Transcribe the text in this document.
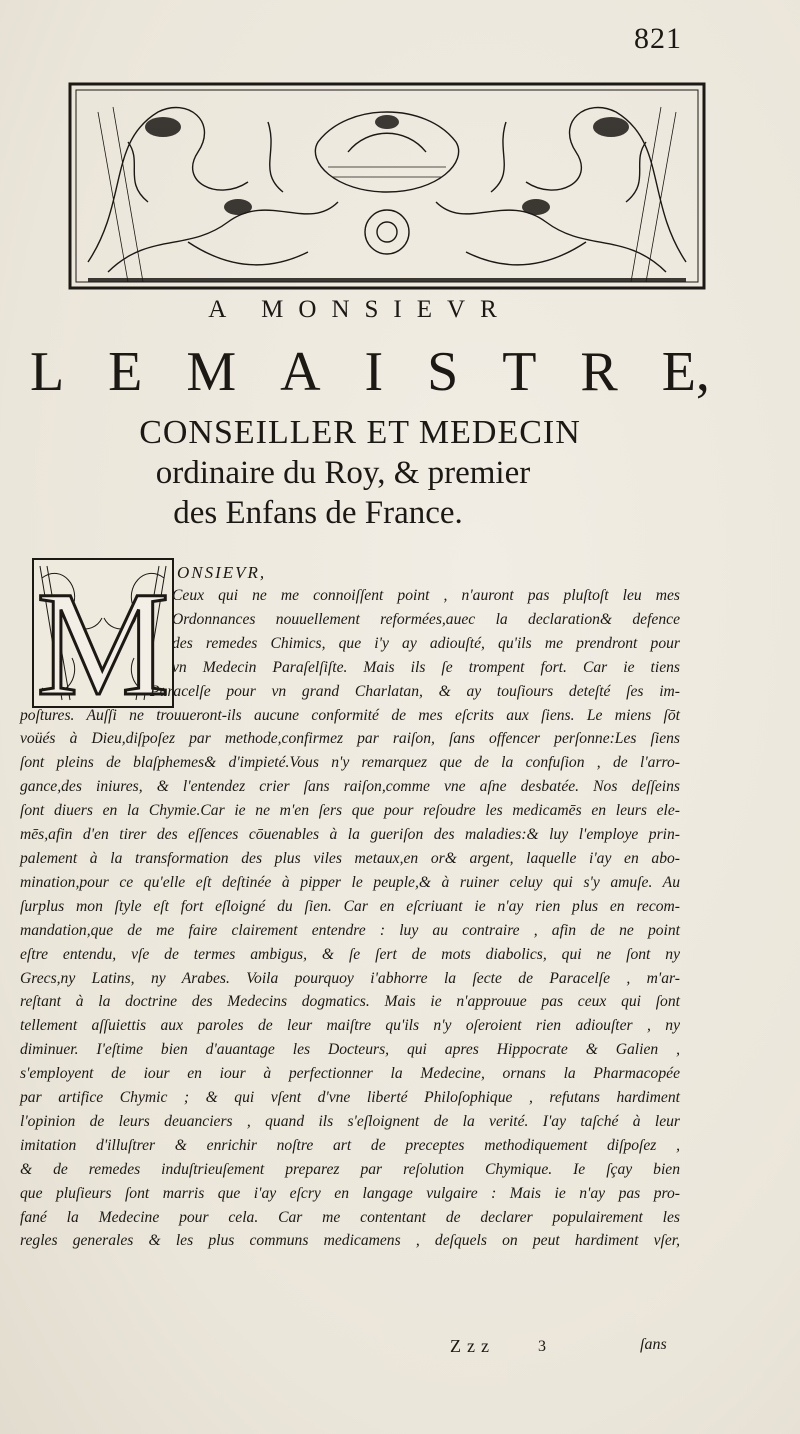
821
A MONSIEVR
L E M A I S T R E,
CONSEILLER ET MEDECIN
ordinaire du Roy, & premier
des Enfans de France.
M ONSIEVR,
Ceux qui ne me connoiſſent point , n'auront pas pluſtoſt leu mes
Ordonnances nouuellement reformées,auec la declaration& defence
des remedes Chimics, que i'y ay adiouſté, qu'ils me prendront pour
vn Medecin Paraſelſiſte. Mais ils ſe trompent fort. Car ie tiens
Paracelſe pour vn grand Charlatan, & ay touſiours deteſté ſes im-
poſtures. Auſſi ne trouueront-ils aucune conformité de mes eſcrits aux ſiens. Le miens ſōt
voüés à Dieu,diſpoſez par methode,confirmez par raiſon, ſans offencer perſonne:Les ſiens
ſont pleins de blaſphemes& d'impieté.Vous n'y remarquez que de la confuſion , de l'arro-
gance,des iniures, & l'entendez crier ſans raiſon,comme vne aſne desbatée. Nos deſſeins
ſont diuers en la Chymie.Car ie ne m'en ſers que pour reſoudre les medicamēs en leurs ele-
mēs,afin d'en tirer des eſſences cōuenables à la gueriſon des maladies:& luy l'employe prin-
palement à la transformation des plus viles metaux,en or& argent, laquelle i'ay en abo-
mination,pour ce qu'elle eſt deſtinée à pipper le peuple,& à ruiner celuy qui s'y amuſe. Au
ſurplus mon ſtyle eſt fort eſloigné du ſien. Car en eſcriuant ie n'ay rien plus en recom-
mandation,que de me faire clairement entendre : luy au contraire , afin de ne point
eſtre entendu, vſe de termes ambigus, & ſe ſert de mots diabolics, qui ne ſont ny
Grecs,ny Latins, ny Arabes. Voila pourquoy i'abhorre la ſecte de Paracelſe , m'ar-
reſtant à la doctrine des Medecins dogmatics. Mais ie n'approuue pas ceux qui ſont
tellement aſſuiettis aux paroles de leur maiſtre qu'ils n'y oſeroient rien adiouſter , ny
diminuer. I'eſtime bien d'auantage les Docteurs, qui apres Hippocrate & Galien ,
s'employent de iour en iour à perfectionner la Medecine, ornans la Pharmacopée
par artifice Chymic ; & qui vſent d'vne liberté Philoſophique , refutans hardiment
l'opinion de leurs deuanciers , quand ils s'eſloignent de la verité. I'ay taſché à leur
imitation d'illuſtrer & enrichir noſtre art de preceptes methodiquement diſpoſez ,
& de remedes induſtrieuſement preparez par reſolution Chymique. Ie ſçay bien
que pluſieurs ſont marris que i'ay eſcry en langage vulgaire : Mais ie n'ay pas pro-
fané la Medecine pour cela. Car me contentant de declarer populairement les
regles generales & les plus communs medicamens , deſquels on peut hardiment vſer,
Zzz	3	ſans
